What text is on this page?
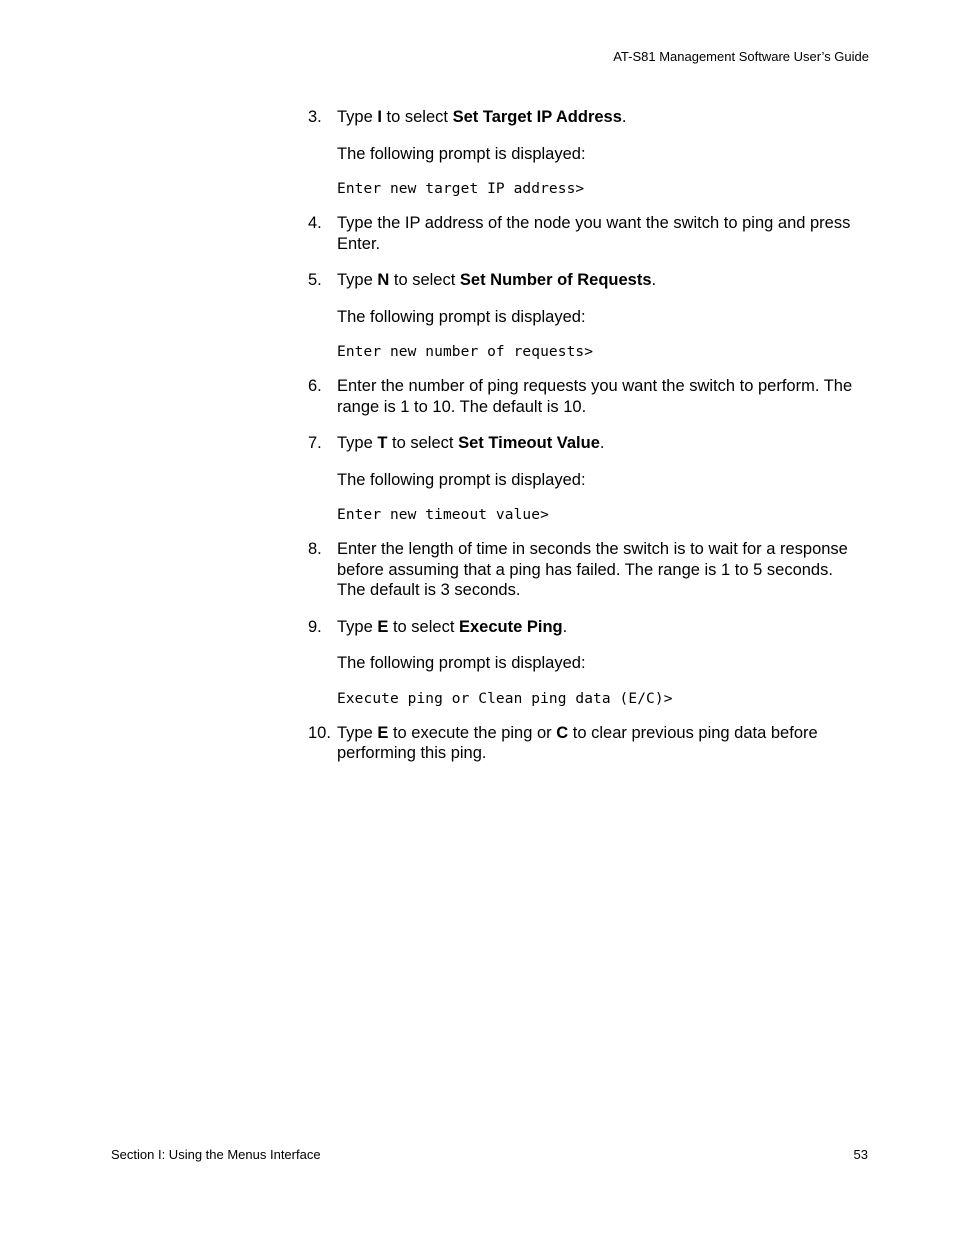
AT-S81 Management Software User’s Guide
3. Type I to select Set Target IP Address.
The following prompt is displayed:
Enter new target IP address>
4. Type the IP address of the node you want the switch to ping and press
Enter.
5. Type N to select Set Number of Requests.
The following prompt is displayed:
Enter new number of requests>
6. Enter the number of ping requests you want the switch to perform. The
range is 1 to 10. The default is 10.
7. Type T to select Set Timeout Value.
The following prompt is displayed:
Enter new timeout value>
8. Enter the length of time in seconds the switch is to wait for a response
before assuming that a ping has failed. The range is 1 to 5 seconds.
The default is 3 seconds.
9. Type E to select Execute Ping.
The following prompt is displayed:
Execute ping or Clean ping data (E/C)>
10. Type E to execute the ping or C to clear previous ping data before
performing this ping.
Section I: Using the Menus Interface	53
